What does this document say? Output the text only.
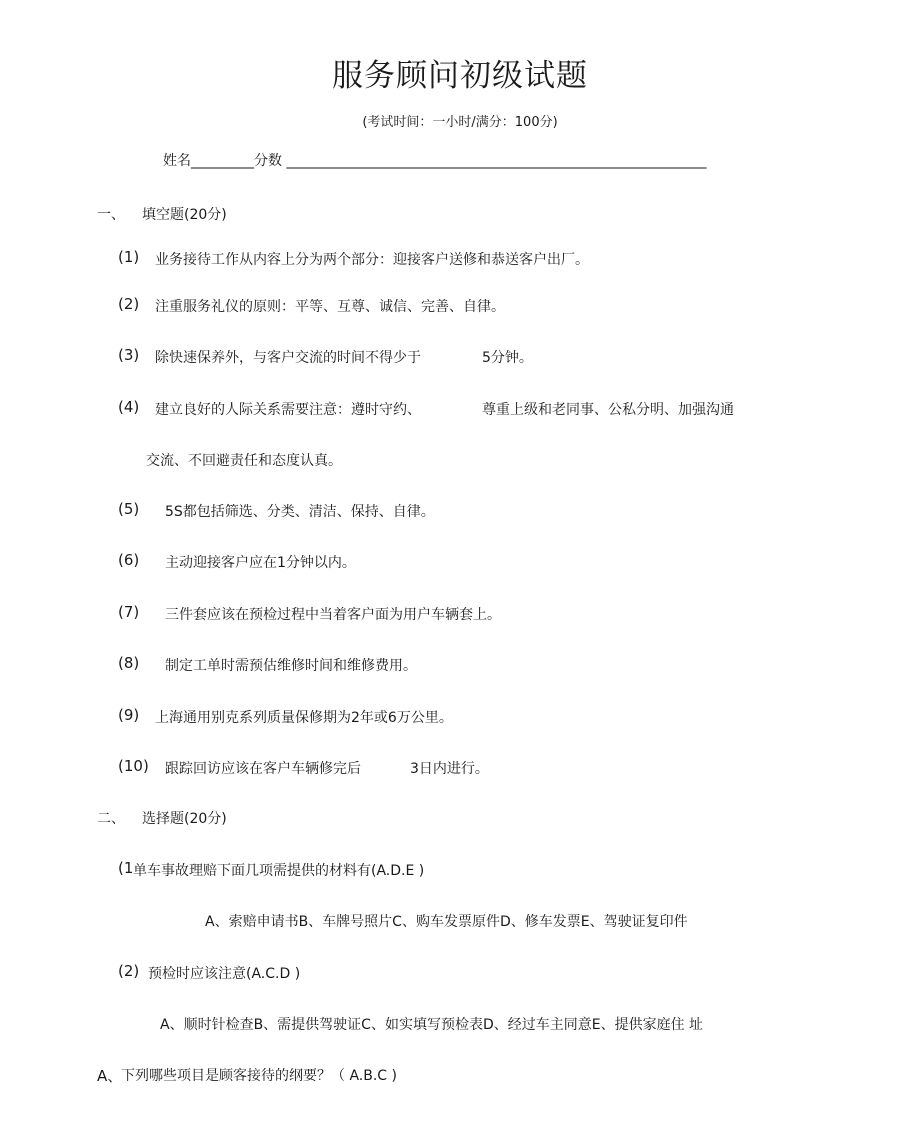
服务顾问初级试题
(考试时间：一小时/满分：100分)
姓名_________分数 ____________________________________________________________
一、 填空题(20分)
(1) 业务接待工作从内容上分为两个部分：迎接客户送修和恭送客户出厂。
(2) 注重服务礼仪的原则：平等、互尊、诚信、完善、自律。
(3) 除快速保养外，与客户交流的时间不得少于	5分钟。
(4) 建立良好的人际关系需要注意：遵时守约、	尊重上级和老同事、公私分明、加强沟通
交流、不回避责任和态度认真。
(5) 5S都包括筛选、分类、清洁、保持、自律。
(6) 主动迎接客户应在1分钟以内。
(7) 三件套应该在预检过程中当着客户面为用户车辆套上。
(8) 制定工单时需预估维修时间和维修费用。
(9) 上海通用别克系列质量保修期为2年或6万公里。
(10) 跟踪回访应该在客户车辆修完后	3日内进行。
二、 选择题(20分)
(1 单车事故理赔下面几项需提供的材料有(A.D.E )
A、索赔申请书B、车牌号照片C、购车发票原件D、修车发票E、驾驶证复印件
(2) 预检时应该注意(A.C.D )
A、顺时针检查B、需提供驾驶证C、如实填写预检表D、经过车主同意E、提供家庭住 址
A、
下列哪些项目是顾客接待的纲要？（ A.B.C )
